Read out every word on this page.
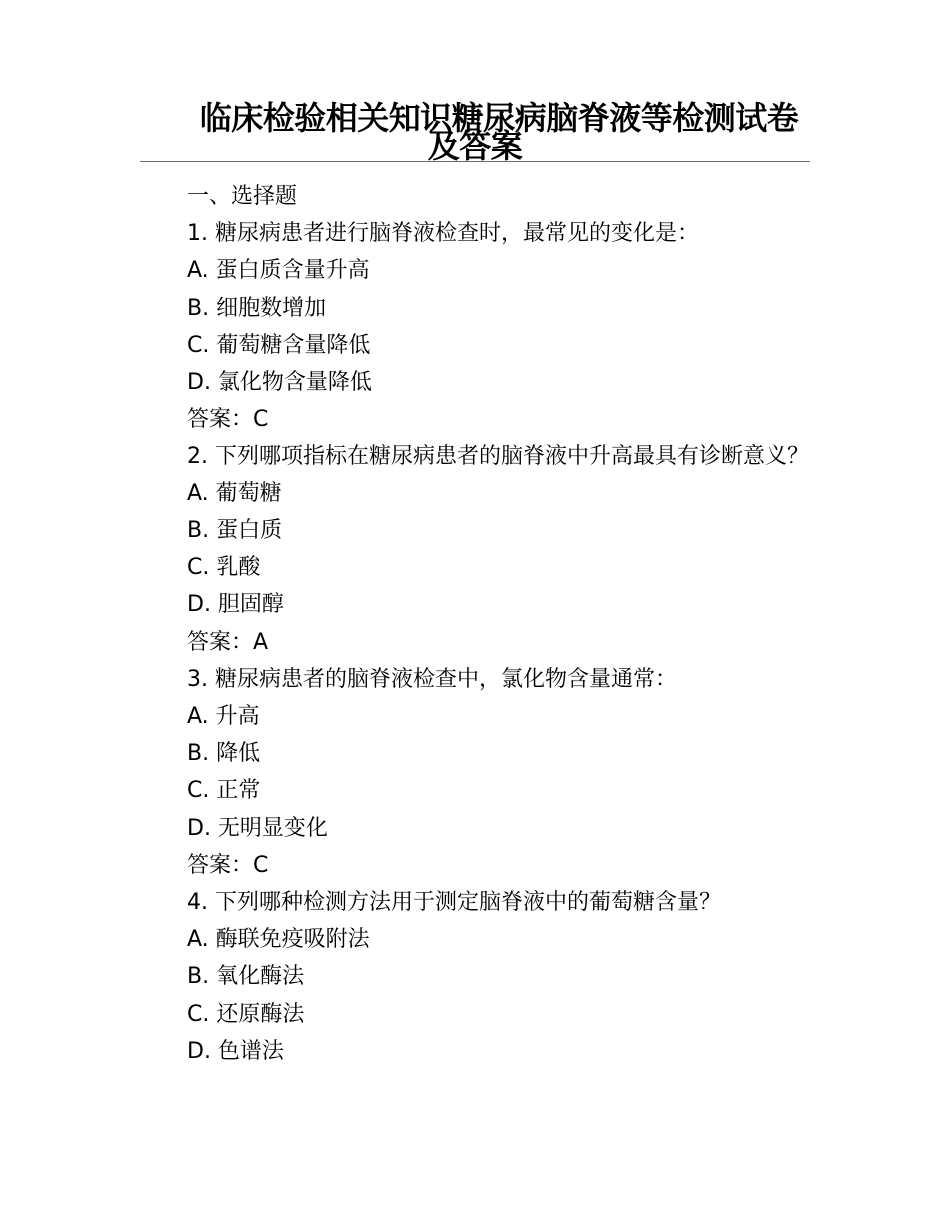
临床检验相关知识糖尿病脑脊液等检测试卷及答案
一、选择题
1. 糖尿病患者进行脑脊液检查时，最常见的变化是：
A. 蛋白质含量升高
B. 细胞数增加
C. 葡萄糖含量降低
D. 氯化物含量降低
答案：C
2. 下列哪项指标在糖尿病患者的脑脊液中升高最具有诊断意义？
A. 葡萄糖
B. 蛋白质
C. 乳酸
D. 胆固醇
答案：A
3. 糖尿病患者的脑脊液检查中，氯化物含量通常：
A. 升高
B. 降低
C. 正常
D. 无明显变化
答案：C
4. 下列哪种检测方法用于测定脑脊液中的葡萄糖含量？
A. 酶联免疫吸附法
B. 氧化酶法
C. 还原酶法
D. 色谱法
